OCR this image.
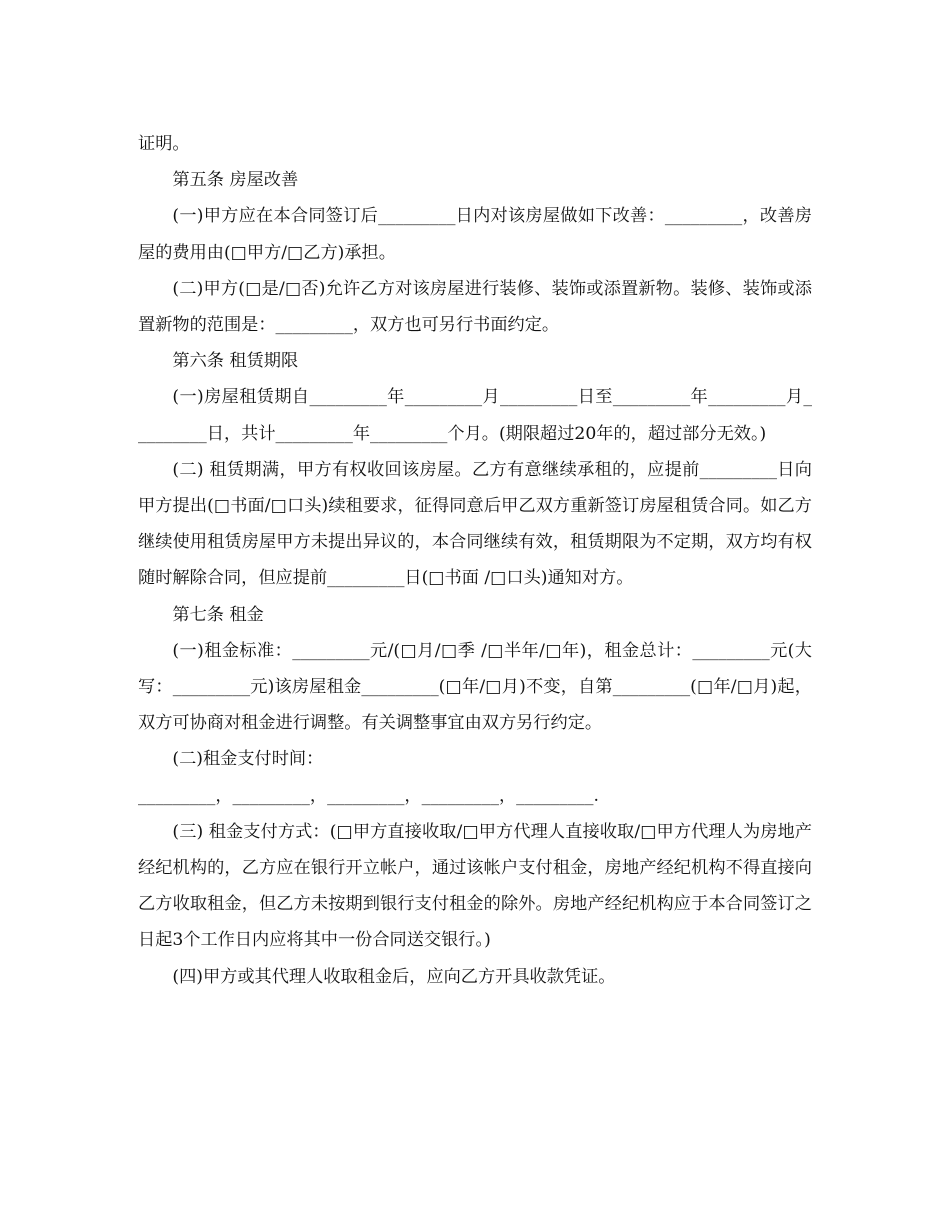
证明。

第五条 房屋改善

(一)甲方应在本合同签订后_________日内对该房屋做如下改善：_________，改善房屋的费用由(□甲方/□乙方)承担。

(二)甲方(□是/□否)允许乙方对该房屋进行装修、装饰或添置新物。装修、装饰或添置新物的范围是：_________，双方也可另行书面约定。

第六条 租赁期限

(一)房屋租赁期自_________年_________月_________日至_________年_________月_________日，共计_________年_________个月。(期限超过20年的，超过部分无效。)

(二) 租赁期满，甲方有权收回该房屋。乙方有意继续承租的，应提前_________日向甲方提出(□书面/□口头)续租要求，征得同意后甲乙双方重新签订房屋租赁合同。如乙方继续使用租赁房屋甲方未提出异议的，本合同继续有效，租赁期限为不定期，双方均有权随时解除合同，但应提前_________日(□书面 /□口头)通知对方。

第七条 租金

(一)租金标准：_________元/(□月/□季 /□半年/□年)，租金总计：_________元(大写：_________元)该房屋租金_________(□年/□月)不变，自第_________(□年/□月)起，双方可协商对租金进行调整。有关调整事宜由双方另行约定。

(二)租金支付时间：

_________，_________，_________，_________，_________.

(三) 租金支付方式：(□甲方直接收取/□甲方代理人直接收取/□甲方代理人为房地产经纪机构的，乙方应在银行开立帐户，通过该帐户支付租金，房地产经纪机构不得直接向乙方收取租金，但乙方未按期到银行支付租金的除外。房地产经纪机构应于本合同签订之日起3个工作日内应将其中一份合同送交银行。)

(四)甲方或其代理人收取租金后，应向乙方开具收款凭证。
